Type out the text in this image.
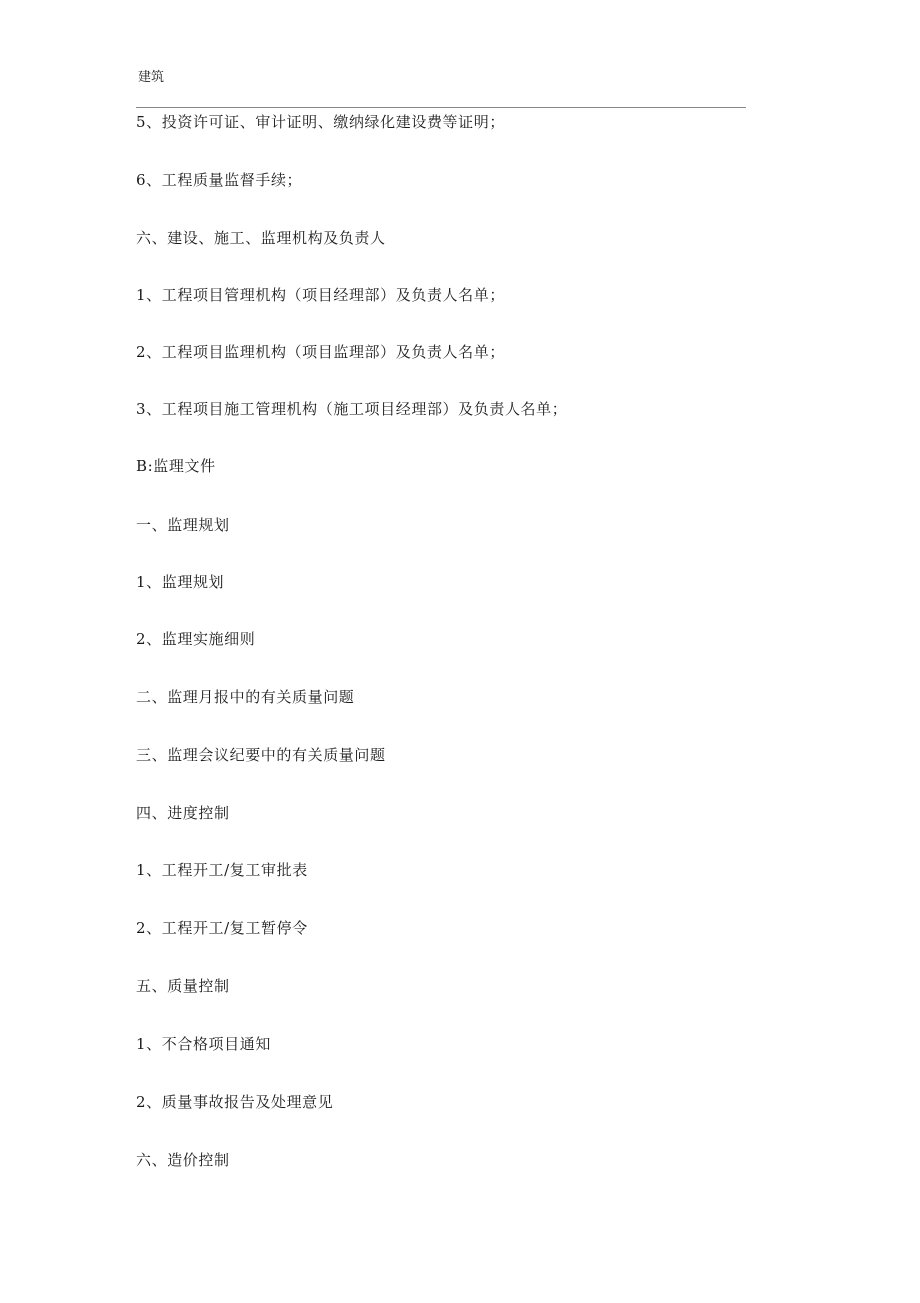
建筑
5、投资许可证、审计证明、缴纳绿化建设费等证明；
6、工程质量监督手续；
六、建设、施工、监理机构及负责人
1、工程项目管理机构（项目经理部）及负责人名单；
2、工程项目监理机构（项目监理部）及负责人名单；
3、工程项目施工管理机构（施工项目经理部）及负责人名单；
B:监理文件
一、监理规划
1、监理规划
2、监理实施细则
二、监理月报中的有关质量问题
三、监理会议纪要中的有关质量问题
四、进度控制
1、工程开工/复工审批表
2、工程开工/复工暂停令
五、质量控制
1、不合格项目通知
2、质量事故报告及处理意见
六、造价控制
